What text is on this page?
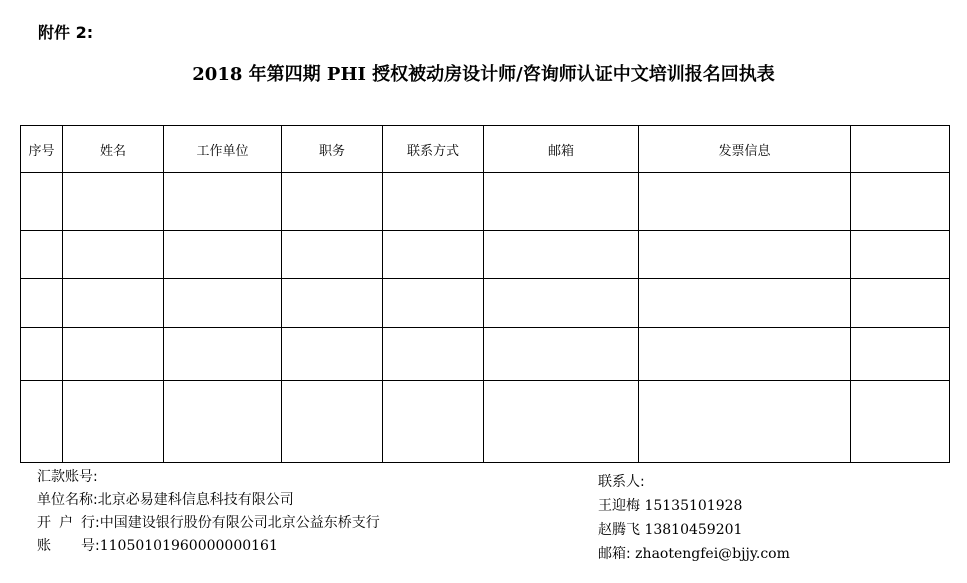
附件 2:
2018 年第四期 PHI 授权被动房设计师/咨询师认证中文培训报名回执表
序号	姓名	工作单位	职务	联系方式	邮箱	发票信息	

汇款账号:
单位名称:北京必易建科信息科技有限公司
开 户 行:中国建设银行股份有限公司北京公益东桥支行
账 号:11050101960000000161
联系人:
王迎梅 15135101928
赵腾飞 13810459201
邮箱: zhaotengfei@bjjy.com
